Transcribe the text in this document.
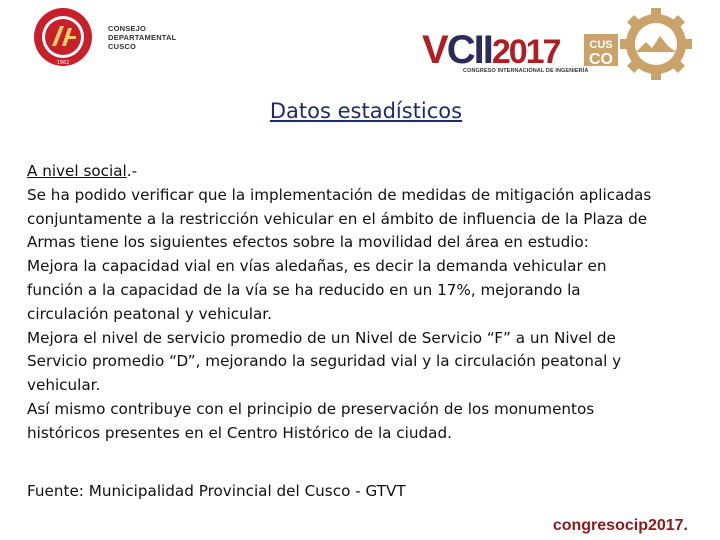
1962
CONSEJO
DEPARTAMENTAL
CUSCO	CUS
CO
VCII2017
CONGRESO INTERNACIONAL DE INGENIERÍA
Datos estadísticos

A nivel social.-

Se ha podido verificar que la implementación de medidas de mitigación aplicadas

conjuntamente a la restricción vehicular en el ámbito de influencia de la Plaza de

Armas tiene los siguientes efectos sobre la movilidad del área en estudio:

Mejora la capacidad vial en vías aledañas, es decir la demanda vehicular en

función a la capacidad de la vía se ha reducido en un 17%, mejorando la

circulación peatonal y vehicular.

Mejora el nivel de servicio promedio de un Nivel de Servicio “F” a un Nivel de

Servicio promedio “D”, mejorando la seguridad vial y la circulación peatonal y

vehicular.

Así mismo contribuye con el principio de preservación de los monumentos

históricos presentes en el Centro Histórico de la ciudad.

Fuente: Municipalidad Provincial del Cusco - GTVT
congresocip2017.
